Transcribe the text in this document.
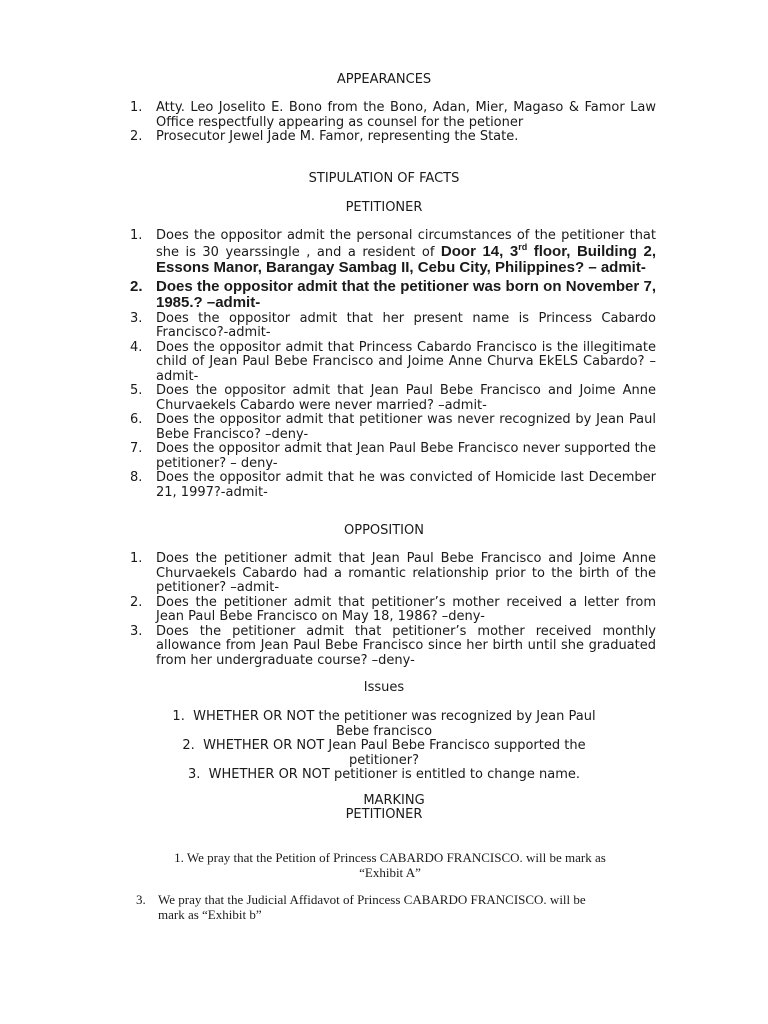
APPEARANCES
1.	Atty. Leo Joselito E. Bono from the Bono, Adan, Mier, Magaso & Famor Law Office respectfully appearing as counsel for the petioner
2.	Prosecutor Jewel Jade M. Famor, representing the State.
STIPULATION OF FACTS
PETITIONER
1.	Does the oppositor admit the personal circumstances of the petitioner that she is 30 yearssingle , and a resident of Door 14, 3rd floor, Building 2, Essons Manor, Barangay Sambag II, Cebu City, Philippines? – admit-
2. Does the oppositor admit that the petitioner was born on November 7, 1985.? –admit-
3.	Does the oppositor admit that her present name is Princess Cabardo Francisco?-admit-
4.	Does the oppositor admit that Princess Cabardo Francisco is the illegitimate child of Jean Paul Bebe Francisco and Joime Anne Churva EkELS Cabardo? –admit-
5.	Does the oppositor admit that Jean Paul Bebe Francisco and Joime Anne Churvaekels Cabardo were never married? –admit-
6.	Does the oppositor admit that petitioner was never recognized by Jean Paul Bebe Francisco? –deny-
7.	Does the oppositor admit that Jean Paul Bebe Francisco never supported the petitioner? – deny-
8.	Does the oppositor admit that he was convicted of Homicide last December 21, 1997?-admit-
OPPOSITION
1.	Does the petitioner admit that Jean Paul Bebe Francisco and Joime Anne Churvaekels Cabardo had a romantic relationship prior to the birth of the petitioner? –admit-
2.	Does the petitioner admit that petitioner’s mother received a letter from Jean Paul Bebe Francisco on May 18, 1986? –deny-
3.	Does the petitioner admit that petitioner’s mother received monthly allowance from Jean Paul Bebe Francisco since her birth until she graduated from her undergraduate course? –deny-
Issues
1. WHETHER OR NOT the petitioner was recognized by Jean Paul
Bebe francisco
2. WHETHER OR NOT Jean Paul Bebe Francisco supported the
petitioner?
3. WHETHER OR NOT petitioner is entitled to change name.
MARKING
PETITIONER
1. We pray that the Petition of Princess CABARDO FRANCISCO. will be mark as
“Exhibit A”
3. We pray that the Judicial Affidavot of Princess CABARDO FRANCISCO. will be
mark as “Exhibit b”
